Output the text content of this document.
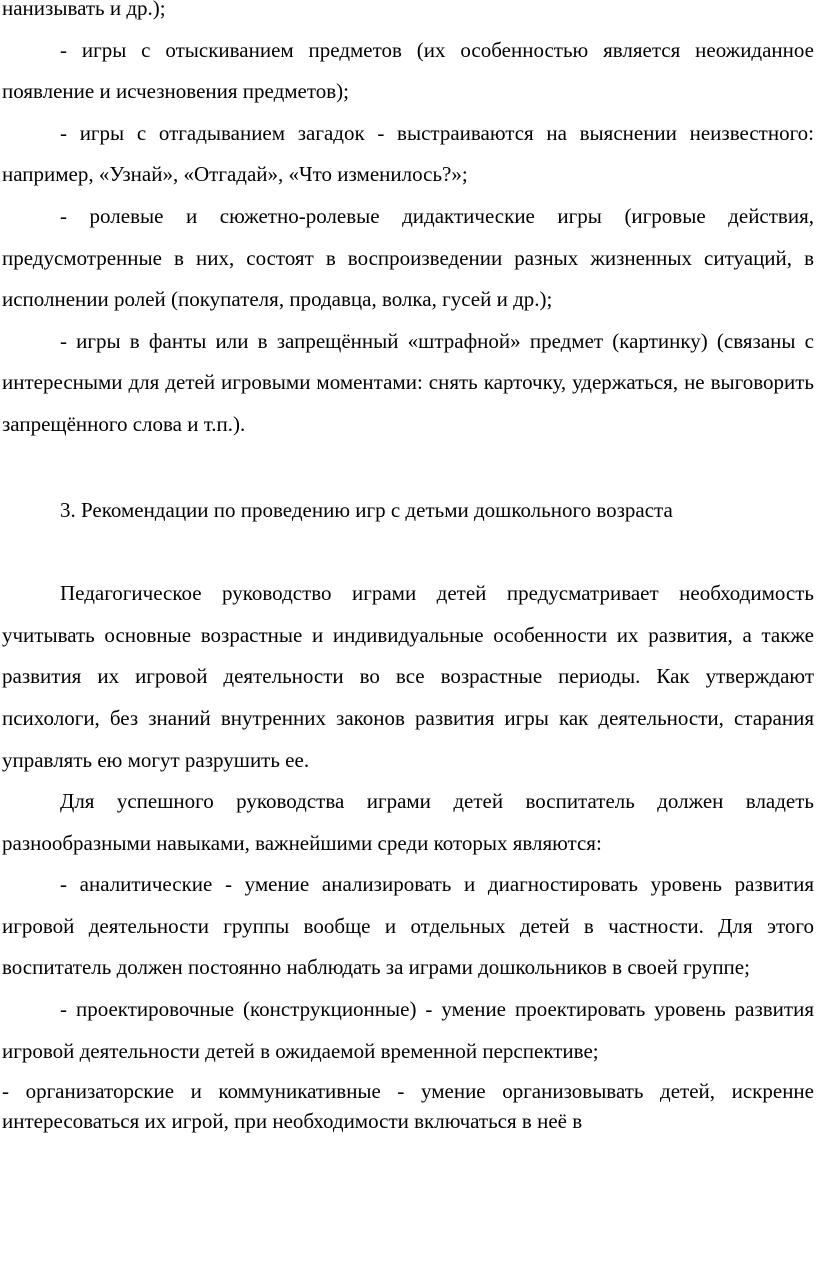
нанизывать и др.);

- игры с отыскиванием предметов (их особенностью является неожиданное появление и исчезновения предметов);

- игры с отгадыванием загадок - выстраиваются на выяснении неизвестного: например, «Узнай», «Отгадай», «Что изменилось?»;

- ролевые и сюжетно-ролевые дидактические игры (игровые действия, предусмотренные в них, состоят в воспроизведении разных жизненных ситуаций, в исполнении ролей (покупателя, продавца, волка, гусей и др.);

- игры в фанты или в запрещённый «штрафной» предмет (картинку) (связаны с интересными для детей игровыми моментами: снять карточку, удержаться, не выговорить запрещённого слова и т.п.).

3. Рекомендации по проведению игр с детьми дошкольного возраста

Педагогическое руководство играми детей предусматривает необходимость учитывать основные возрастные и индивидуальные особенности их развития, а также развития их игровой деятельности во все возрастные периоды. Как утверждают психологи, без знаний внутренних законов развития игры как деятельности, старания управлять ею могут разрушить ее.

Для успешного руководства играми детей воспитатель должен владеть разнообразными навыками, важнейшими среди которых являются:

- аналитические - умение анализировать и диагностировать уровень развития игровой деятельности группы вообще и отдельных детей в частности. Для этого воспитатель должен постоянно наблюдать за играми дошкольников в своей группе;

- проектировочные (конструкционные) - умение проектировать уровень развития игровой деятельности детей в ожидаемой временной перспективе;

- организаторские и коммуникативные - умение организовывать детей, искренне интересоваться их игрой, при необходимости включаться в неё в
